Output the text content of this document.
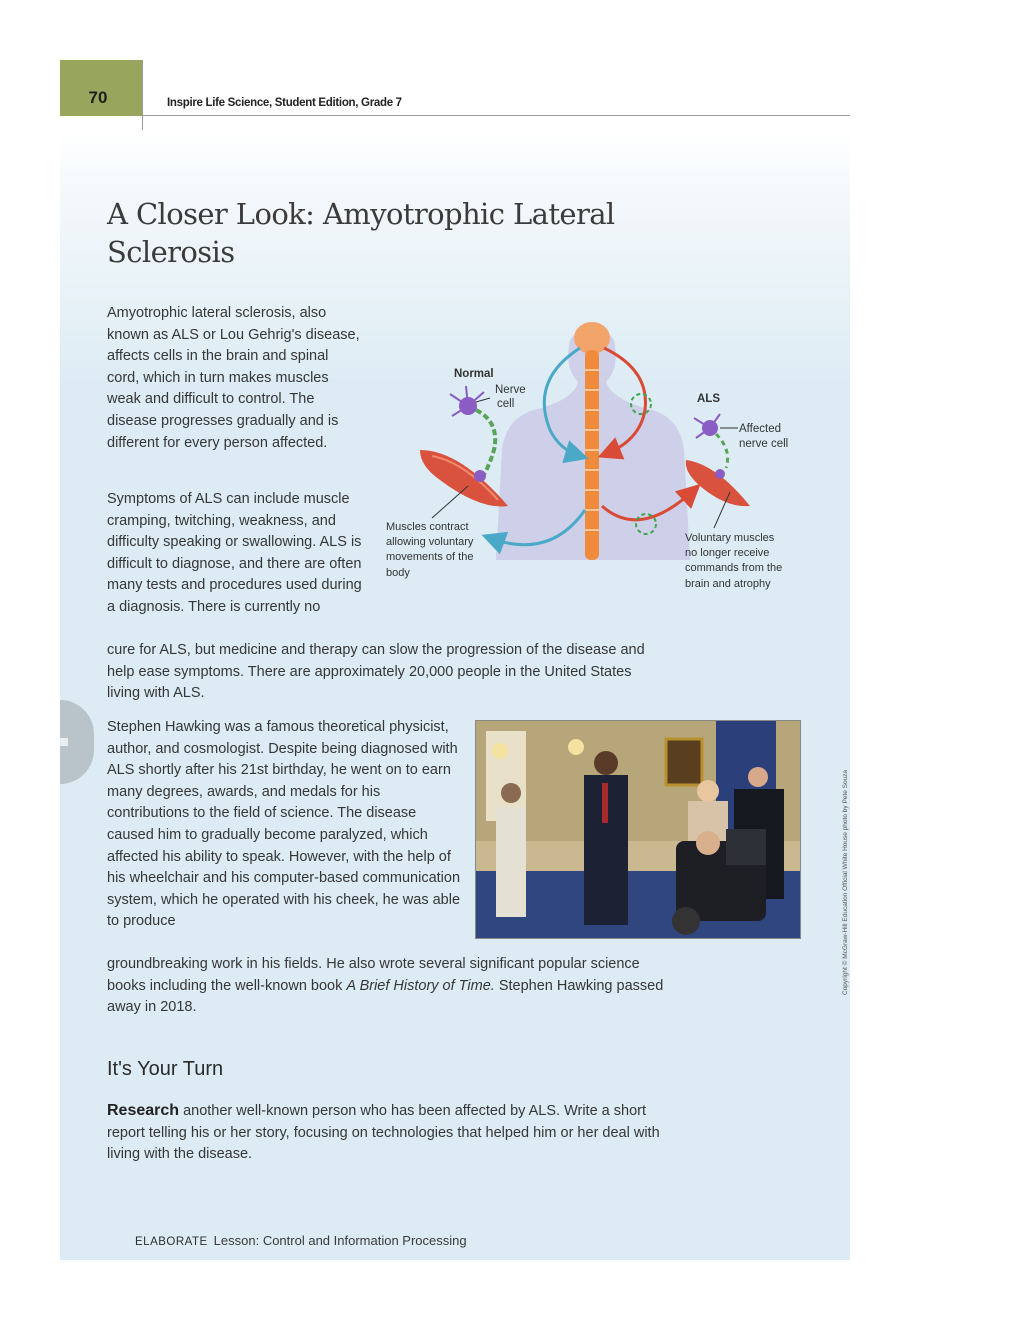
70	Inspire Life Science, Student Edition, Grade 7
A Closer Look: Amyotrophic Lateral
Sclerosis

Amyotrophic lateral sclerosis, also known as ALS or Lou Gehrig's disease, affects cells in the brain and spinal cord, which in turn makes muscles weak and difficult to control. The disease progresses gradually and is different for every person affected.

Symptoms of ALS can include muscle cramping, twitching, weakness, and difficulty speaking or swallowing. ALS is difficult to diagnose, and there are often many tests and procedures used during a diagnosis. There is currently no

cure for ALS, but medicine and therapy can slow the progression of the disease and help ease symptoms. There are approximately 20,000 people in the United States living with ALS.

Normal
Nerve
cell
Muscles contract
allowing voluntary
movements of the
body
ALS
Affected
nerve cell
Voluntary muscles
no longer receive
commands from the
brain and atrophy

Stephen Hawking was a famous theoretical physicist, author, and cosmologist. Despite being diagnosed with ALS shortly after his 21st birthday, he went on to earn many degrees, awards, and medals for his contributions to the field of science. The disease caused him to gradually become paralyzed, which affected his ability to speak. However, with the help of his wheelchair and his computer-based communication system, which he operated with his cheek, he was able to produce

groundbreaking work in his fields. He also wrote several significant popular science books including the well-known book A Brief History of Time. Stephen Hawking passed away in 2018.

It's Your Turn

Research another well-known person who has been affected by ALS. Write a short report telling his or her story, focusing on technologies that helped him or her deal with living with the disease.

ELABORATE Lesson: Control and Information Processing
Copyright © McGraw-Hill Education Official White House photo by Pete Souza
